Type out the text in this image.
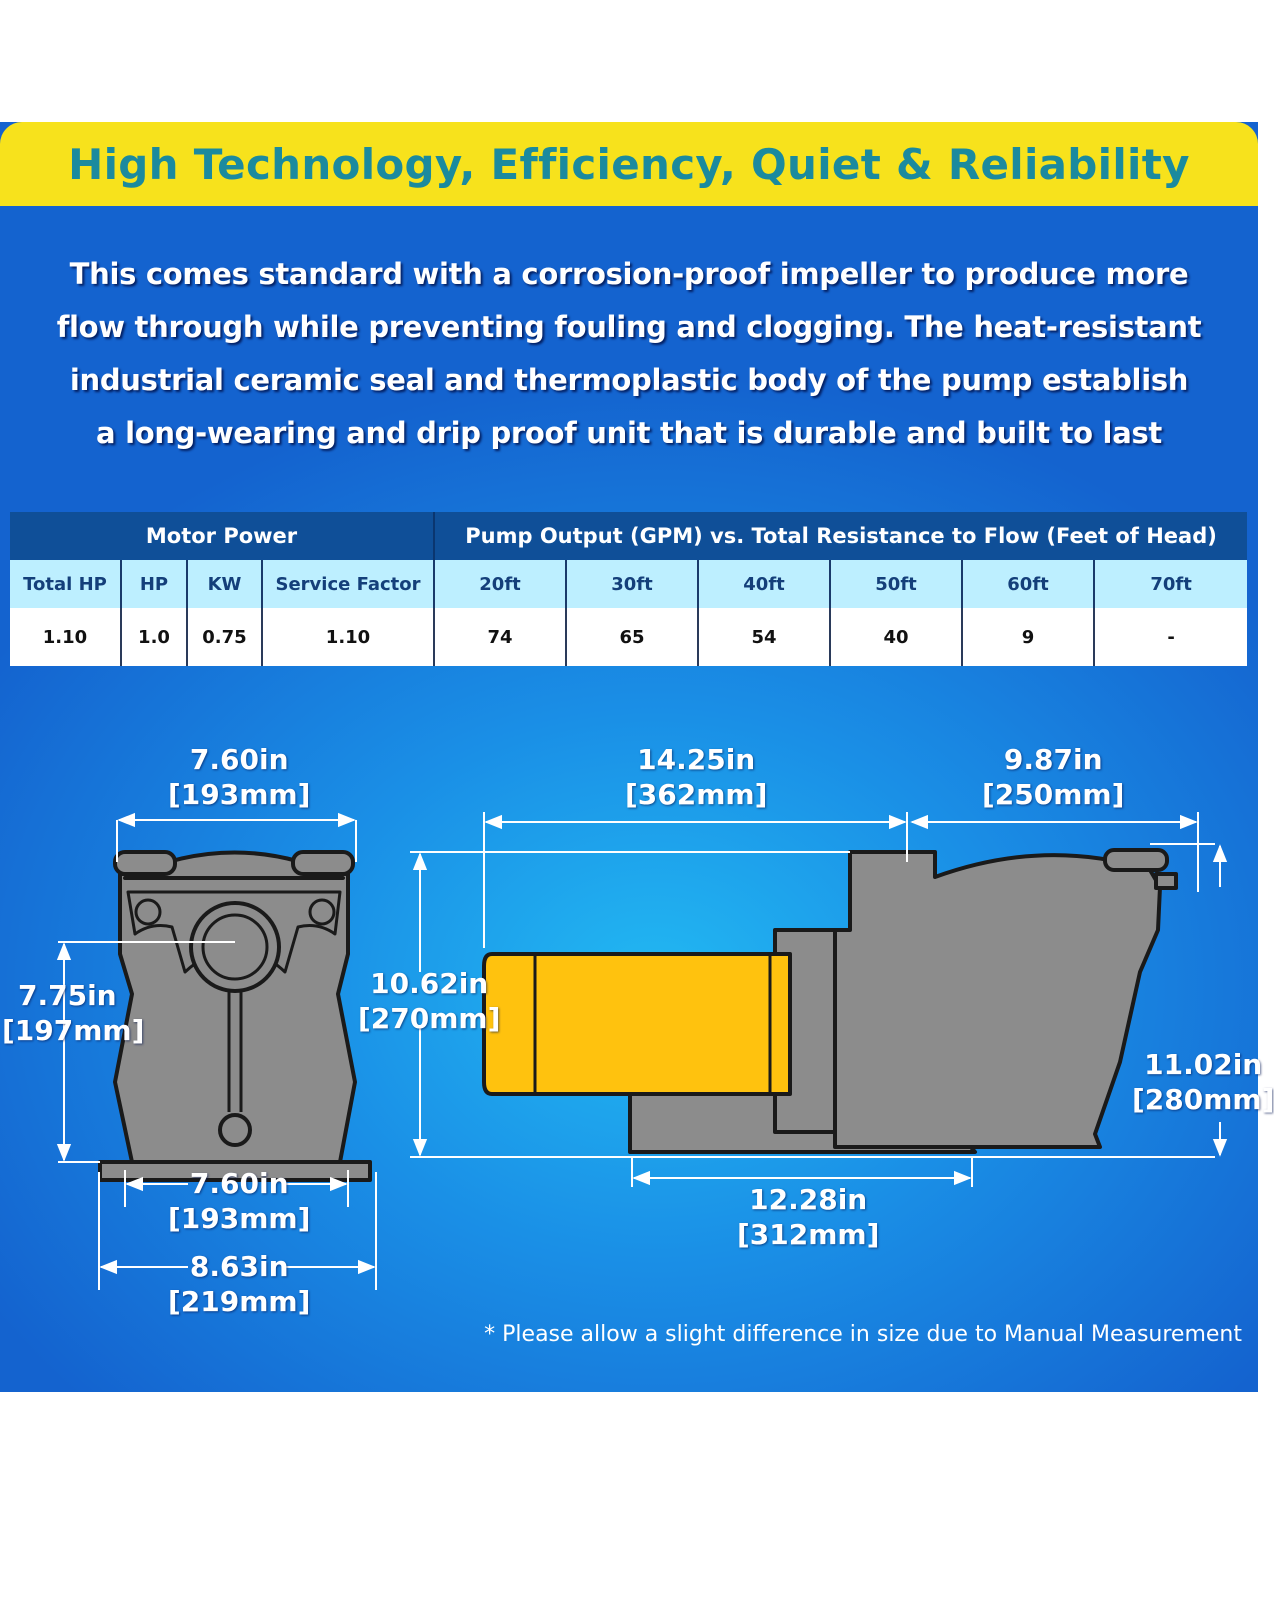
High Technology, Efficiency, Quiet & Reliability
This comes standard with a corrosion-proof impeller to produce more
flow through while preventing fouling and clogging. The heat-resistant
industrial ceramic seal and thermoplastic body of the pump establish
a long-wearing and drip proof unit that is durable and built to last
Motor Power				Pump Output (GPM) vs. Total Resistance to Flow (Feet of Head)					
Total HP	HP	KW	Service Factor	20ft	30ft	40ft	50ft	60ft	70ft
1.10	1.0	0.75	1.10	74	65	54	40	9	-
7.60in
[193mm]
7.75in
[197mm]
7.60in
[193mm]
8.63in
[219mm]
10.62in
[270mm]
14.25in
[362mm]
9.87in
[250mm]
11.02in
[280mm]
12.28in
[312mm]
* Please allow a slight difference in size due to Manual Measurement
